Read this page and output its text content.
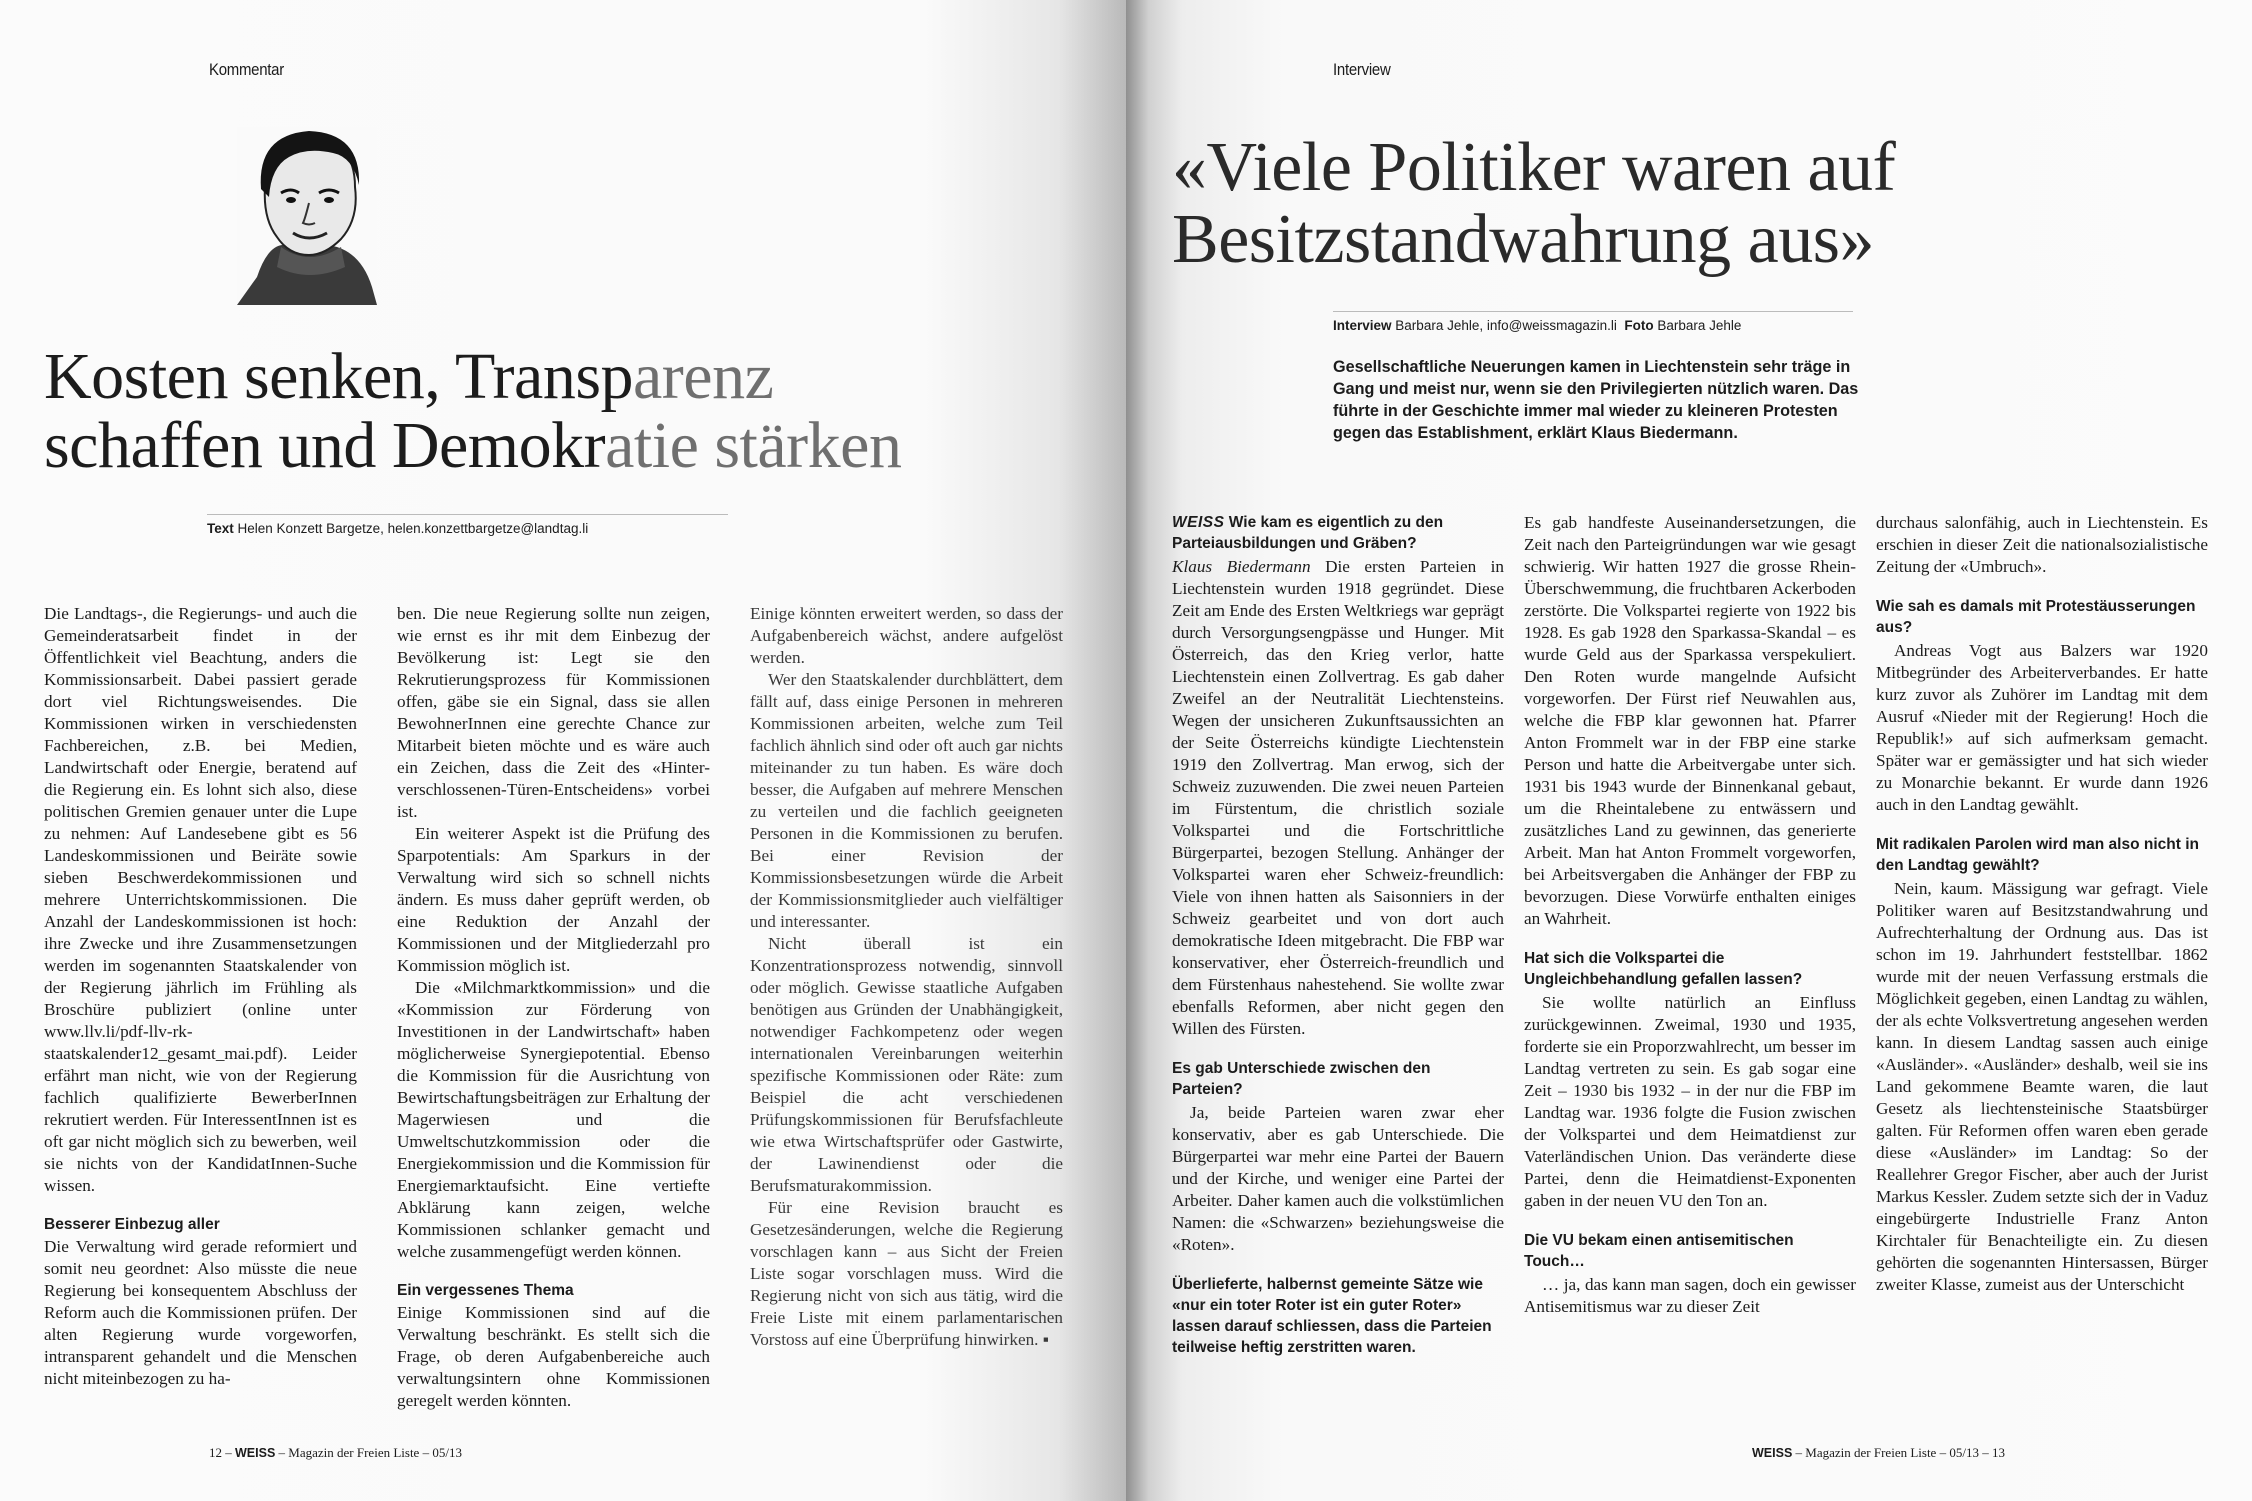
Kommentar
Kosten senken, Transparenz
schaffen und Demokratie stärken
Text Helen Konzett Bargetze, helen.konzettbargetze@landtag.li

Die Landtags-, die Regierungs- und auch die Gemeinderatsarbeit findet in der Öffentlichkeit viel Beachtung, anders die Kommissionsarbeit. Dabei passiert gerade dort viel Richtungsweisendes. Die Kommissionen wirken in verschiedensten Fachbereichen, z.B. bei Medien, Landwirtschaft oder Energie, beratend auf die Regierung ein. Es lohnt sich also, diese politischen Gremien genauer unter die Lupe zu nehmen: Auf Landesebene gibt es 56 Landeskommissionen und Beiräte sowie sieben Beschwerdekommissionen und mehrere Unterrichtskommissionen. Die Anzahl der Landeskommissionen ist hoch: ihre Zwecke und ihre Zusammensetzungen werden im sogenannten Staatskalender von der Regierung jährlich im Frühling als Broschüre publiziert (online unter www.llv.li/pdf-llv-rk-staatskalender12_gesamt_mai.pdf). Leider erfährt man nicht, wie von der Regierung fachlich qualifizierte BewerberInnen rekrutiert werden. Für InteressentInnen ist es oft gar nicht möglich sich zu bewerben, weil sie nichts von der KandidatInnen-Suche wissen.

Besserer Einbezug aller

Die Verwaltung wird gerade reformiert und somit neu geordnet: Also müsste die neue Regierung bei konsequentem Abschluss der Reform auch die Kommissionen prüfen. Der alten Regierung wurde vorgeworfen, intransparent gehandelt und die Menschen nicht miteinbezogen zu ha-

ben. Die neue Regierung sollte nun zeigen, wie ernst es ihr mit dem Einbezug der Bevölkerung ist: Legt sie den Rekrutierungsprozess für Kommissionen offen, gäbe sie ein Signal, dass sie allen BewohnerInnen eine gerechte Chance zur Mitarbeit bieten möchte und es wäre auch ein Zeichen, dass die Zeit des «Hinter-verschlossenen-Türen-Entscheidens» vorbei ist.

Ein weiterer Aspekt ist die Prüfung des Sparpotentials: Am Sparkurs in der Verwaltung wird sich so schnell nichts ändern. Es muss daher geprüft werden, ob eine Reduktion der Anzahl der Kommissionen und der Mitgliederzahl pro Kommission möglich ist.

Die «Milchmarktkommission» und die «Kommission zur Förderung von Investitionen in der Landwirtschaft» haben möglicherweise Synergiepotential. Ebenso die Kommission für die Ausrichtung von Bewirtschaftungsbeiträgen zur Erhaltung der Magerwiesen und die Umweltschutzkommission oder die Energiekommission und die Kommission für Energiemarktaufsicht. Eine vertiefte Abklärung kann zeigen, welche Kommissionen schlanker gemacht und welche zusammengefügt werden können.

Ein vergessenes Thema

Einige Kommissionen sind auf die Verwaltung beschränkt. Es stellt sich die Frage, ob deren Aufgabenbereiche auch verwaltungsintern ohne Kommissionen geregelt werden könnten.

Einige könnten erweitert werden, so dass der Aufgabenbereich wächst, andere aufgelöst werden.

Wer den Staatskalender durchblättert, dem fällt auf, dass einige Personen in mehreren Kommissionen arbeiten, welche zum Teil fachlich ähnlich sind oder oft auch gar nichts miteinander zu tun haben. Es wäre doch besser, die Aufgaben auf mehrere Menschen zu verteilen und die fachlich geeigneten Personen in die Kommissionen zu berufen. Bei einer Revision der Kommissionsbesetzungen würde die Arbeit der Kommissionsmitglieder auch vielfältiger und interessanter.

Nicht überall ist ein Konzentrationsprozess notwendig, sinnvoll oder möglich. Gewisse staatliche Aufgaben benötigen aus Gründen der Unabhängigkeit, notwendiger Fachkompetenz oder wegen internationalen Vereinbarungen weiterhin spezifische Kommissionen oder Räte: zum Beispiel die acht verschiedenen Prüfungskommissionen für Berufsfachleute wie etwa Wirtschaftsprüfer oder Gastwirte, der Lawinendienst oder die Berufsmaturakommission.

Für eine Revision braucht es Gesetzesänderungen, welche die Regierung vorschlagen kann – aus Sicht der Freien Liste sogar vorschlagen muss. Wird die Regierung nicht von sich aus tätig, wird die Freie Liste mit einem parlamentarischen Vorstoss auf eine Überprüfung hinwirken. ▪

12 – WEISS – Magazin der Freien Liste – 05/13
Interview
«Viele Politiker waren auf
Besitzstandwahrung aus»
Interview Barbara Jehle, info@weissmagazin.li Foto Barbara Jehle
Gesellschaftliche Neuerungen kamen in Liechtenstein sehr träge in Gang und meist nur, wenn sie den Privilegierten nützlich waren. Das führte in der Geschichte immer mal wieder zu kleineren Protesten gegen das Establishment, erklärt Klaus Biedermann.
WEISS Wie kam es eigentlich zu den Parteiausbildungen und Gräben?

Klaus Biedermann Die ersten Parteien in Liechtenstein wurden 1918 gegründet. Diese Zeit am Ende des Ersten Weltkriegs war geprägt durch Versorgungsengpässe und Hunger. Mit Österreich, das den Krieg verlor, hatte Liechtenstein einen Zollvertrag. Es gab daher Zweifel an der Neutralität Liechtensteins. Wegen der unsicheren Zukunftsaussichten an der Seite Österreichs kündigte Liechtenstein 1919 den Zollvertrag. Man erwog, sich der Schweiz zuzuwenden. Die zwei neuen Parteien im Fürstentum, die christlich soziale Volkspartei und die Fortschrittliche Bürgerpartei, bezogen Stellung. Anhänger der Volkspartei waren eher Schweiz-freundlich: Viele von ihnen hatten als Saisonniers in der Schweiz gearbeitet und von dort auch demokratische Ideen mitgebracht. Die FBP war konservativer, eher Österreich-freundlich und dem Fürstenhaus nahestehend. Sie wollte zwar ebenfalls Reformen, aber nicht gegen den Willen des Fürsten.

Es gab Unterschiede zwischen den Parteien?

Ja, beide Parteien waren zwar eher konservativ, aber es gab Unterschiede. Die Bürgerpartei war mehr eine Partei der Bauern und der Kirche, und weniger eine Partei der Arbeiter. Daher kamen auch die volkstümlichen Namen: die «Schwarzen» beziehungsweise die «Roten».

Überlieferte, halbernst gemeinte Sätze wie «nur ein toter Roter ist ein guter Roter» lassen darauf schliessen, dass die Parteien teilweise heftig zerstritten waren.

Es gab handfeste Auseinandersetzungen, die Zeit nach den Parteigründungen war wie gesagt schwierig. Wir hatten 1927 die grosse Rhein-Überschwemmung, die fruchtbaren Ackerboden zerstörte. Die Volkspartei regierte von 1922 bis 1928. Es gab 1928 den Sparkassa-Skandal – es wurde Geld aus der Sparkassa verspekuliert. Den Roten wurde mangelnde Aufsicht vorgeworfen. Der Fürst rief Neuwahlen aus, welche die FBP klar gewonnen hat. Pfarrer Anton Frommelt war in der FBP eine starke Person und hatte die Arbeitvergabe unter sich. 1931 bis 1943 wurde der Binnenkanal gebaut, um die Rheintalebene zu entwässern und zusätzliches Land zu gewinnen, das generierte Arbeit. Man hat Anton Frommelt vorgeworfen, bei Arbeitsvergaben die Anhänger der FBP zu bevorzugen. Diese Vorwürfe enthalten einiges an Wahrheit.

Hat sich die Volkspartei die Ungleichbehandlung gefallen lassen?

Sie wollte natürlich an Einfluss zurückgewinnen. Zweimal, 1930 und 1935, forderte sie ein Proporzwahlrecht, um besser im Landtag vertreten zu sein. Es gab sogar eine Zeit – 1930 bis 1932 – in der nur die FBP im Landtag war. 1936 folgte die Fusion zwischen der Volkspartei und dem Heimatdienst zur Vaterländischen Union. Das veränderte diese Partei, denn die Heimatdienst-Exponenten gaben in der neuen VU den Ton an.

Die VU bekam einen antisemitischen Touch…

… ja, das kann man sagen, doch ein gewisser Antisemitismus war zu dieser Zeit

durchaus salonfähig, auch in Liechtenstein. Es erschien in dieser Zeit die nationalsozialistische Zeitung der «Umbruch».

Wie sah es damals mit Protestäusserungen aus?

Andreas Vogt aus Balzers war 1920 Mitbegründer des Arbeiterverbandes. Er hatte kurz zuvor als Zuhörer im Landtag mit dem Ausruf «Nieder mit der Regierung! Hoch die Republik!» auf sich aufmerksam gemacht. Später war er gemässigter und hat sich wieder zu Monarchie bekannt. Er wurde dann 1926 auch in den Landtag gewählt.

Mit radikalen Parolen wird man also nicht in den Landtag gewählt?

Nein, kaum. Mässigung war gefragt. Viele Politiker waren auf Besitzstandwahrung und Aufrechterhaltung der Ordnung aus. Das ist schon im 19. Jahrhundert feststellbar. 1862 wurde mit der neuen Verfassung erstmals die Möglichkeit gegeben, einen Landtag zu wählen, der als echte Volksvertretung angesehen werden kann. In diesem Landtag sassen auch einige «Ausländer». «Ausländer» deshalb, weil sie ins Land gekommene Beamte waren, die laut Gesetz als liechtensteinische Staatsbürger galten. Für Reformen offen waren eben gerade diese «Ausländer» im Landtag: So der Reallehrer Gregor Fischer, aber auch der Jurist Markus Kessler. Zudem setzte sich der in Vaduz eingebürgerte Industrielle Franz Anton Kirchtaler für Benachteiligte ein. Zu diesen gehörten die sogenannten Hintersassen, Bürger zweiter Klasse, zumeist aus der Unterschicht

WEISS – Magazin der Freien Liste – 05/13 – 13
